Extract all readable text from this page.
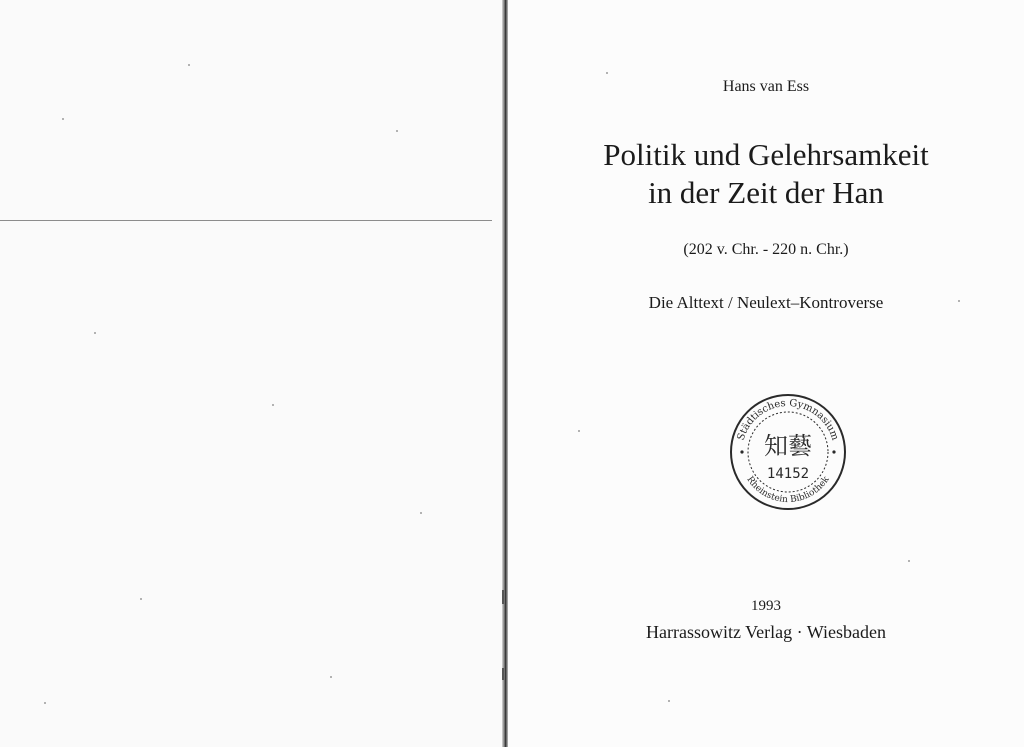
Hans van Ess
Politik und Gelehrsamkeit
in der Zeit der Han
(202 v. Chr. - 220 n. Chr.)
Die Alttext / Neulext–Kontroverse
Städtisches Gymnasium
Rheinstein Bibliothek
知藝
14152
1993
Harrassowitz Verlag · Wiesbaden
